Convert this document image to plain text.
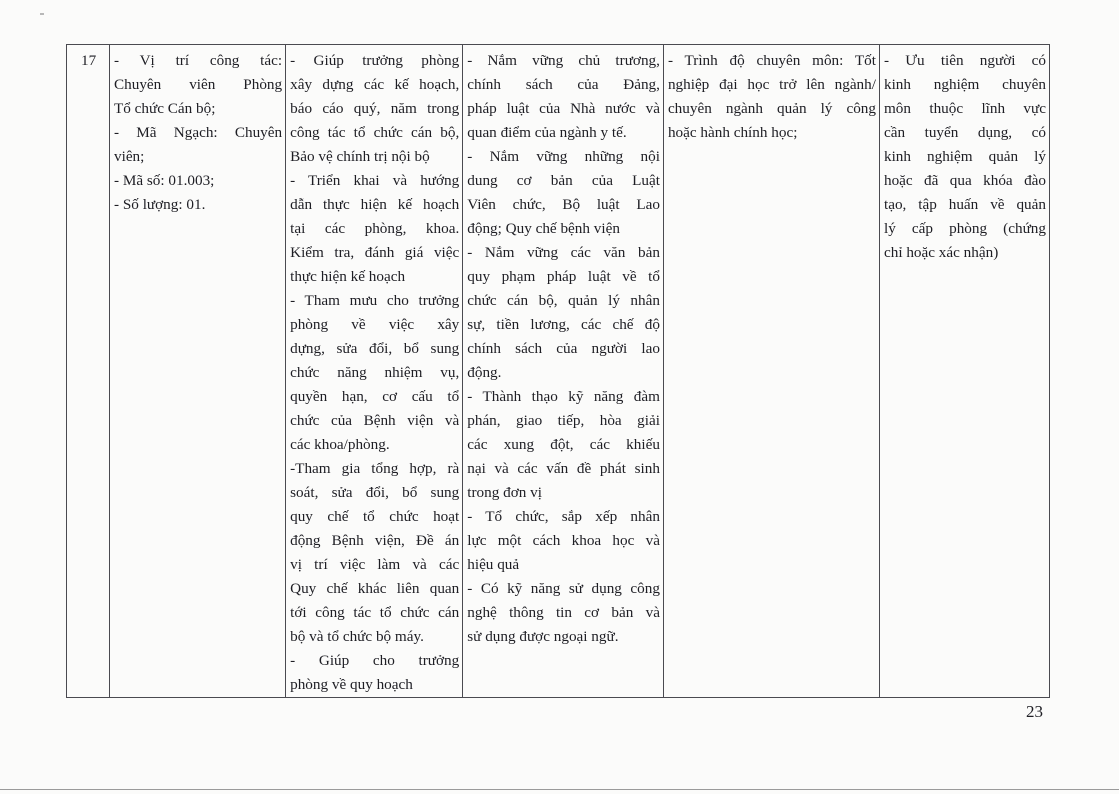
17	- Vị trí công tác:
Chuyên viên Phòng
Tổ chức Cán bộ;
- Mã Ngạch: Chuyên
viên;
- Mã số: 01.003;
- Số lượng: 01.

- Giúp trưởng phòng
xây dựng các kế hoạch,
báo cáo quý, năm trong
công tác tổ chức cán bộ,
Bảo vệ chính trị nội bộ
- Triển khai và hướng
dẫn thực hiện kế hoạch
tại các phòng, khoa.
Kiểm tra, đánh giá việc
thực hiện kế hoạch
- Tham mưu cho trưởng
phòng về việc xây
dựng, sửa đổi, bổ sung
chức năng nhiệm vụ,
quyền hạn, cơ cấu tổ
chức của Bệnh viện và
các khoa/phòng.
-Tham gia tổng hợp, rà
soát, sửa đổi, bổ sung
quy chế tổ chức hoạt
động Bệnh viện, Đề án
vị trí việc làm và các
Quy chế khác liên quan
tới công tác tổ chức cán
bộ và tổ chức bộ máy.
- Giúp cho trưởng
phòng về quy hoạch

- Nắm vững chủ trương,
chính sách của Đảng,
pháp luật của Nhà nước và
quan điểm của ngành y tế.
- Nắm vững những nội
dung cơ bản của Luật
Viên chức, Bộ luật Lao
động; Quy chế bệnh viện
- Nắm vững các văn bản
quy phạm pháp luật về tổ
chức cán bộ, quản lý nhân
sự, tiền lương, các chế độ
chính sách của người lao
động.
- Thành thạo kỹ năng đàm
phán, giao tiếp, hòa giải
các xung đột, các khiếu
nại và các vấn đề phát sinh
trong đơn vị
- Tổ chức, sắp xếp nhân
lực một cách khoa học và
hiệu quả
- Có kỹ năng sử dụng công
nghệ thông tin cơ bản và
sử dụng được ngoại ngữ.

- Trình độ chuyên môn: Tốt
nghiệp đại học trở lên ngành/
chuyên ngành quản lý công
hoặc hành chính học;

- Ưu tiên người có
kinh nghiệm chuyên
môn thuộc lĩnh vực
cần tuyển dụng, có
kinh nghiệm quản lý
hoặc đã qua khóa đào
tạo, tập huấn về quản
lý cấp phòng (chứng
chỉ hoặc xác nhận)
23
